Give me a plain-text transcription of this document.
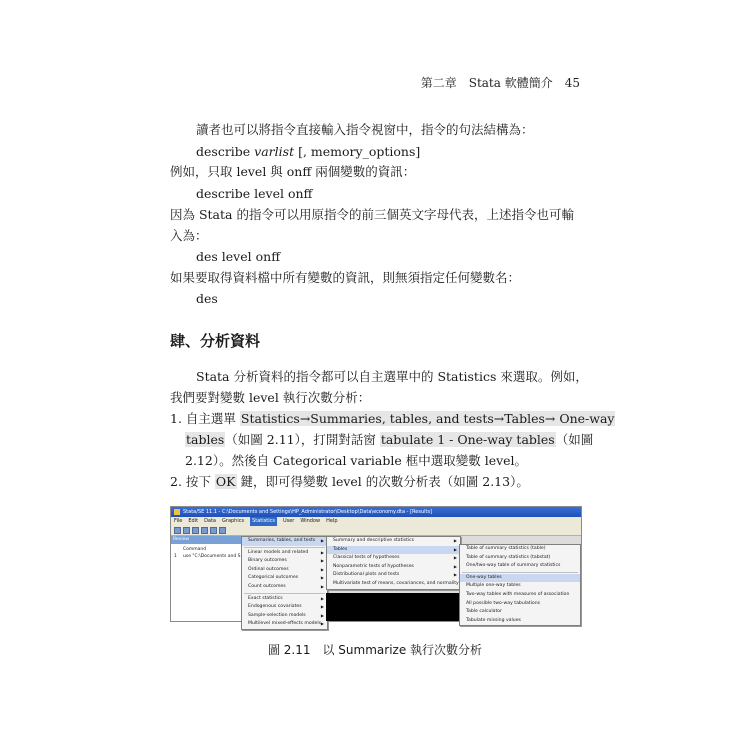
第二章　Stata 軟體簡介　45
讀者也可以將指令直接輸入指令視窗中，指令的句法結構為：
describe varlist [, memory_options]
例如，只取 level 與 onff 兩個變數的資訊：
describe level onff
因為 Stata 的指令可以用原指令的前三個英文字母代表，上述指令也可輸
入為：
des level onff
如果要取得資料檔中所有變數的資訊，則無須指定任何變數名：
des
肆、分析資料
Stata 分析資料的指令都可以自主選單中的 Statistics 來選取。例如，
我們要對變數 level 執行次數分析：
1. 自主選單 Statistics→Summaries, tables, and tests→Tables→ One-way
tables（如圖 2.11），打開對話窗 tabulate 1 - One-way tables（如圖
2.12）。然後自 Categorical variable 框中選取變數 level。
2. 按下 OK 鍵，即可得變數 level 的次數分析表（如圖 2.13）。
Stata/SE 11.1 - C:\Documents and Settings\HP_Administrator\Desktop\Data\economy.dta - [Results]
File Edit Data Graphics	Statistics	User Window Help
Review
Command
1 use "C:\Documents and S
Summaries, tables, and tests ▶
Linear models and related	▶
Binary outcomes	▶
Ordinal outcomes	▶
Categorical outcomes	▶
Count outcomes	▶
Exact statistics	▶
Endogenous covariates	▶
Sample-selection models	▶
Multilevel mixed-effects models ▶
Summary and descriptive statistics	▶
Tables	▶
Classical tests of hypotheses	▶
Nonparametric tests of hypotheses	▶
Distributional plots and tests	▶
Multivariate test of means, covariances, and normality
Table of summary statistics (table)
Table of summary statistics (tabstat)
One/two-way table of summary statistics
One-way tables
Multiple one-way tables
Two-way tables with measures of association
All possible two-way tabulations
Table calculator
Tabulate missing values
圖 2.11　以 Summarize 執行次數分析
